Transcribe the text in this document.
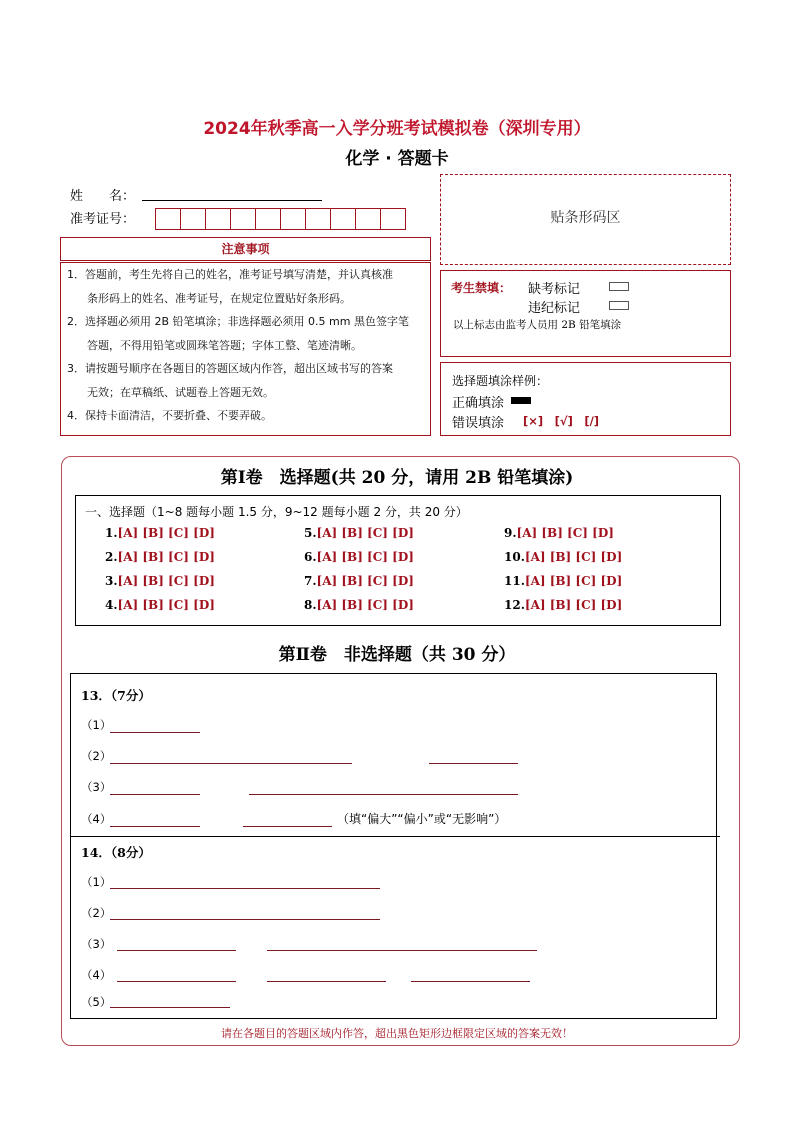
2024年秋季高一入学分班考试模拟卷（深圳专用）
化学 · 答题卡
姓　　名：
准考证号：	贴条形码区
注意事项
1．答题前，考生先将自己的姓名，准考证号填写清楚，并认真核准
条形码上的姓名、准考证号，在规定位置贴好条形码。
2．选择题必须用 2B 铅笔填涂；非选择题必须用 0.5 mm 黑色签字笔
答题，不得用铅笔或圆珠笔答题；字体工整、笔迹清晰。
3．请按题号顺序在各题目的答题区域内作答，超出区域书写的答案
无效；在草稿纸、试题卷上答题无效。
4．保持卡面清洁，不要折叠、不要弄破。
考生禁填： 缺考标记
违纪标记
以上标志由监考人员用 2B 铅笔填涂
选择题填涂样例：
正确填涂
错误填涂 [×]　[√]　[/]
第Ⅰ卷　选择题(共 20 分，请用 2B 铅笔填涂)
一、选择题（1~8 题每小题 1.5 分，9~12 题每小题 2 分，共 20 分）
1.[A] [B] [C] [D]
2.[A] [B] [C] [D]
3.[A] [B] [C] [D]
4.[A] [B] [C] [D]
5.[A] [B] [C] [D]
6.[A] [B] [C] [D]
7.[A] [B] [C] [D]
8.[A] [B] [C] [D]
9.[A] [B] [C] [D]
10.[A] [B] [C] [D]
11.[A] [B] [C] [D]
12.[A] [B] [C] [D]
第Ⅱ卷　非选择题（共 30 分）
13．（7分）
（1）
（2）
（3）
（4）	（填“偏大”“偏小”或“无影响”）
14．（8分）
（1）
（2）
（3）
（4）
（5）
请在各题目的答题区域内作答，超出黑色矩形边框限定区域的答案无效！
